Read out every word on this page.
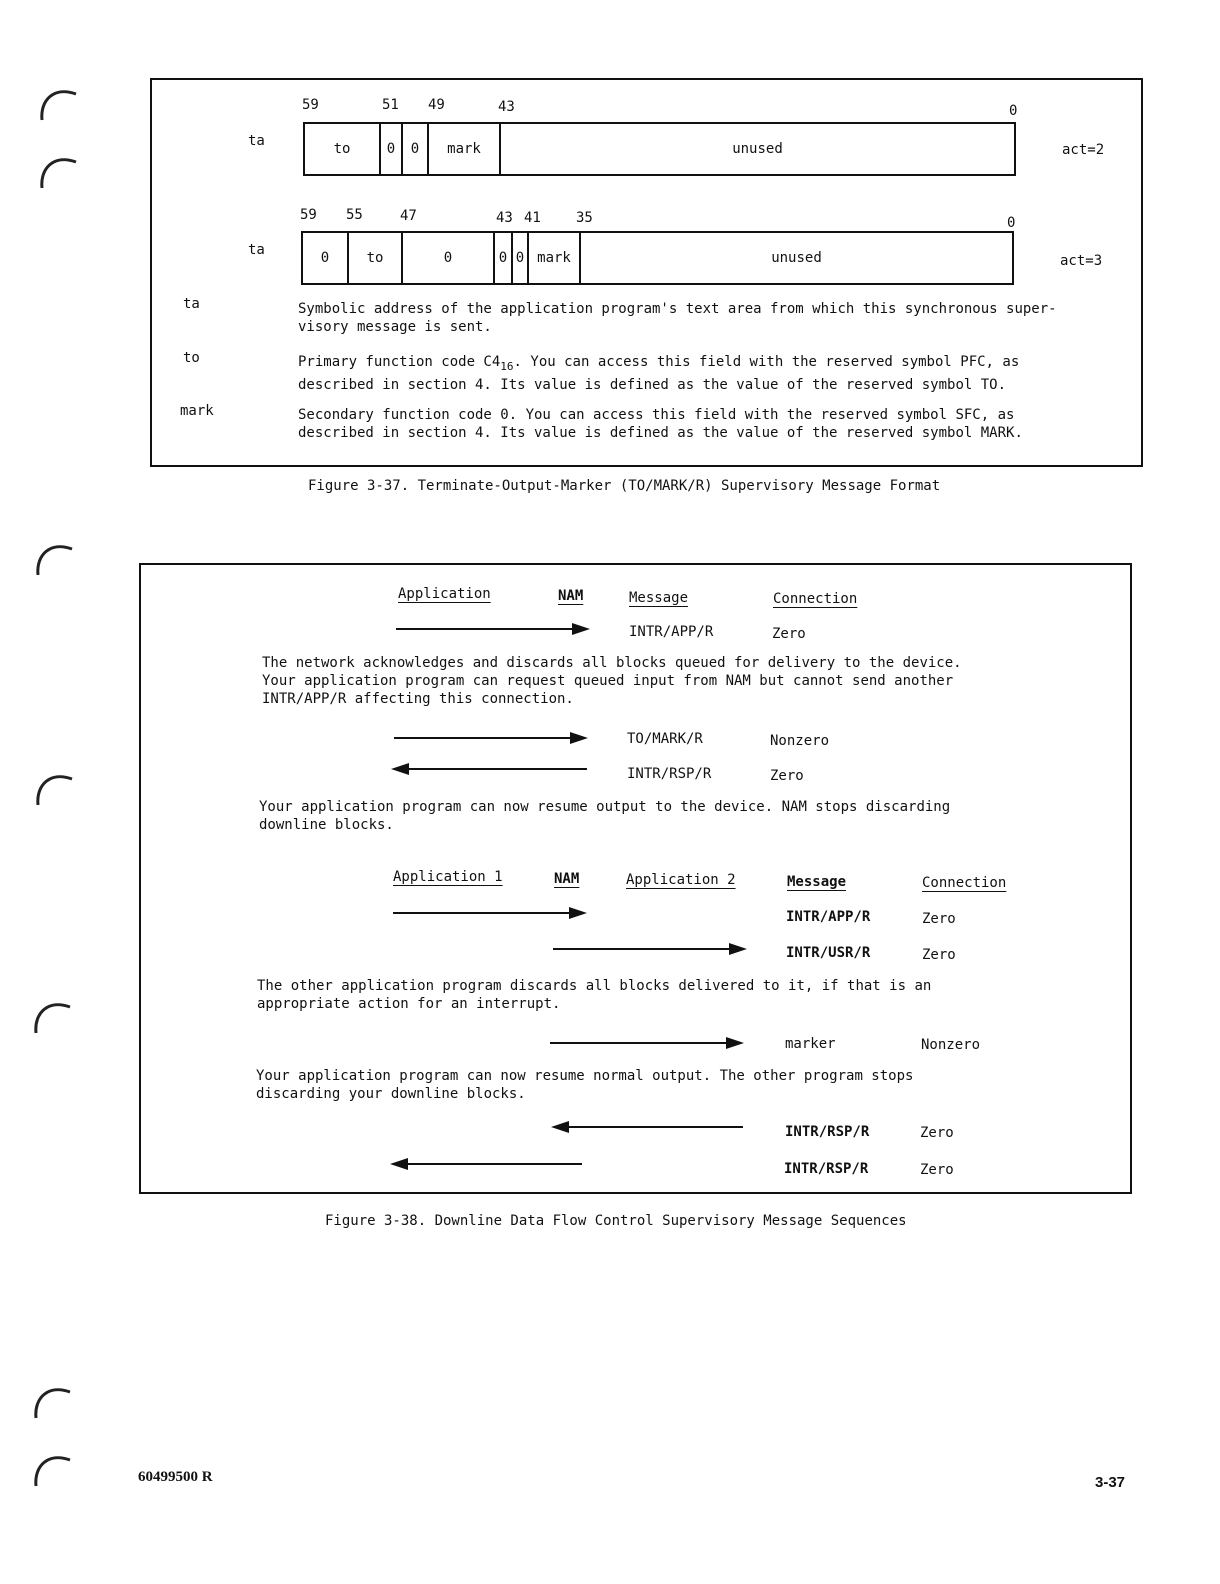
ta
59	51 49	43	0
to	0	0	mark	unused	act=2
ta
59 55	47	43 41	35	0
0	to	0	0 0 mark	unused	act=3
ta	Symbolic address of the application program's text area from which this synchronous super-
visory message is sent.
to	Primary function code $C4_{16}$. You can access this field with the reserved symbol PFC, as
described in section 4. Its value is defined as the value of the reserved symbol TO.
mark	Secondary function code 0. You can access this field with the reserved symbol SFC, as
described in section 4. Its value is defined as the value of the reserved symbol MARK.
Figure 3-37. Terminate-Output-Marker (TO/MARK/R) Supervisory Message Format
Application	NAM	Message	Connection
INTR/APP/R	Zero
The network acknowledges and discards all blocks queued for delivery to the device.
Your application program can request queued input from NAM but cannot send another
INTR/APP/R affecting this connection.
TO/MARK/R	Nonzero
INTR/RSP/R	Zero
Your application program can now resume output to the device. NAM stops discarding
downline blocks.
Application 1	NAM	Application 2	Message	Connection
INTR/APP/R	Zero
INTR/USR/R	Zero
The other application program discards all blocks delivered to it, if that is an
appropriate action for an interrupt.
marker	Nonzero
Your application program can now resume normal output. The other program stops
discarding your downline blocks.
INTR/RSP/R	Zero
INTR/RSP/R	Zero
Figure 3-38. Downline Data Flow Control Supervisory Message Sequences
60499500 R	3-37
